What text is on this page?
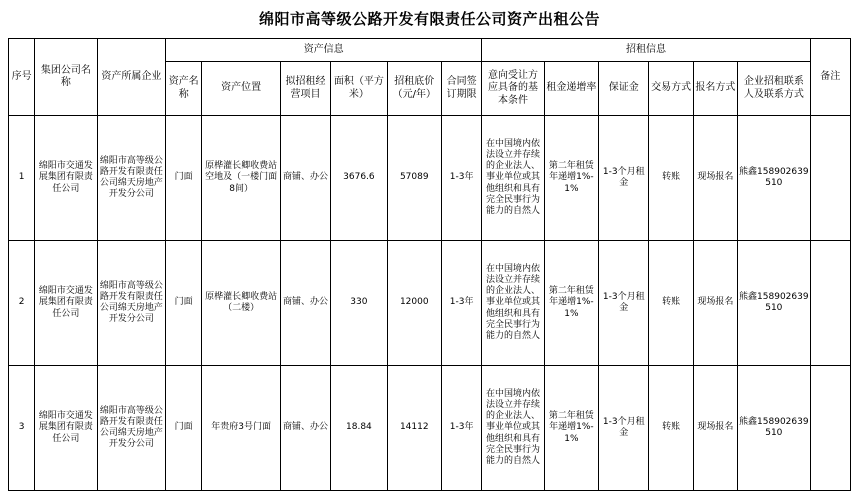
绵阳市高等级公路开发有限责任公司资产出租公告
序号	集团公司名称	资产所属企业	资产信息						招租信息						备注
			资产名称	资产位置	拟招租经营项目	面积（平方米）	招租底价（元/年）	合同签订期限	意向受让方应具备的基本条件	租金递增率	保证金	交易方式	报名方式	企业招租联系人及联系方式	
1	绵阳市交通发展集团有限责任公司	绵阳市高等级公路开发有限责任公司绵天房地产开发分公司	门面	原桦灌长卿收费站空地及（一楼门面8间）	商铺、办公	3676.6	57089	1-3年	在中国境内依法设立并存续的企业法人、事业单位或其他组织和具有完全民事行为能力的自然人	第二年租赁年递增1%-1%	1-3个月租金	转账	现场报名	熊鑫158902639510	
2	绵阳市交通发展集团有限责任公司	绵阳市高等级公路开发有限责任公司绵天房地产开发分公司	门面	原桦灌长卿收费站（二楼）	商铺、办公	330	12000	1-3年	在中国境内依法设立并存续的企业法人、事业单位或其他组织和具有完全民事行为能力的自然人	第二年租赁年递增1%-1%	1-3个月租金	转账	现场报名	熊鑫158902639510	
3	绵阳市交通发展集团有限责任公司	绵阳市高等级公路开发有限责任公司绵天房地产开发分公司	门面	年贵府3号门面	商铺、办公	18.84	14112	1-3年	在中国境内依法设立并存续的企业法人、事业单位或其他组织和具有完全民事行为能力的自然人	第二年租赁年递增1%-1%	1-3个月租金	转账	现场报名	熊鑫158902639510	
